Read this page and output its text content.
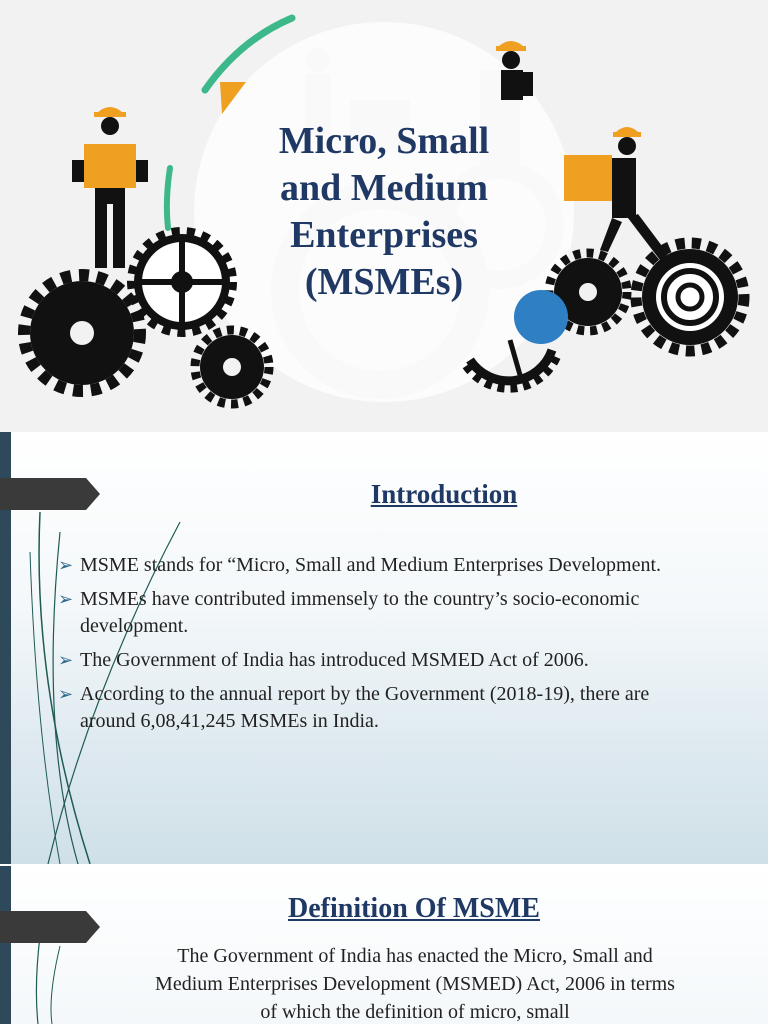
Micro, Small
and Medium
Enterprises
(MSMEs)
Introduction
➢ MSME stands for “Micro, Small and Medium Enterprises Development.
➢ MSMEs have contributed immensely to the country’s socio-economic development.
➢ The Government of India has introduced MSMED Act of 2006.
➢ According to the annual report by the Government (2018-19), there are around 6,08,41,245 MSMEs in India.
Definition Of MSME
The Government of India has enacted the Micro, Small and Medium Enterprises Development (MSMED) Act, 2006 in terms of which the definition of micro, small
